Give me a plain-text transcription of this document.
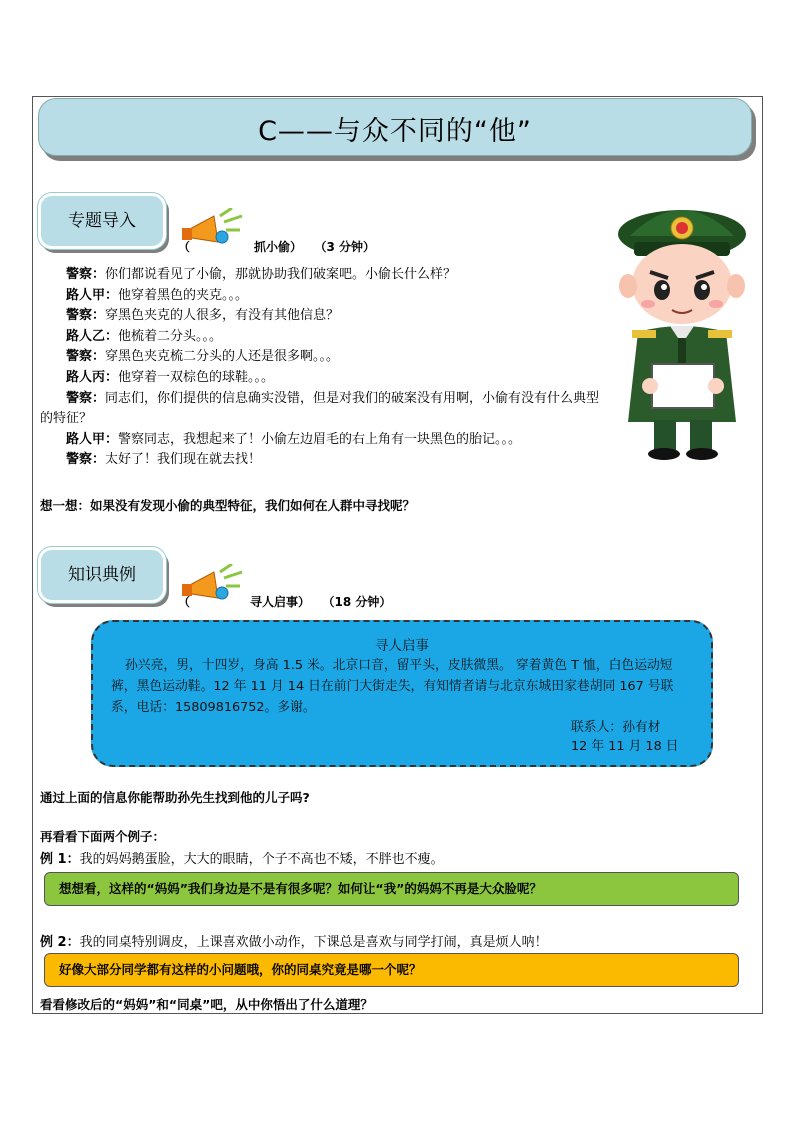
C——与众不同的“他”
专题导入
（	抓小偷）   （3 分钟）

警察：你们都说看见了小偷，那就协助我们破案吧。小偷长什么样？

路人甲：他穿着黑色的夹克。。。

警察：穿黑色夹克的人很多，有没有其他信息？

路人乙：他梳着二分头。。。

警察：穿黑色夹克梳二分头的人还是很多啊。。。

路人丙：他穿着一双棕色的球鞋。。。

警察：同志们，你们提供的信息确实没错，但是对我们的破案没有用啊，小偷有没有什么典型的特征？

路人甲：警察同志，我想起来了！小偷左边眉毛的右上角有一块黑色的胎记。。。

警察：太好了！我们现在就去找！

想一想：如果没有发现小偷的典型特征，我们如何在人群中寻找呢？
知识典例
（	寻人启事）   （18 分钟）
寻人启事
孙兴亮，男，十四岁，身高 1.5 米。北京口音，留平头，皮肤微黑。 穿着黄色 T 恤，白色运动短裤，黑色运动鞋。12 年 11 月 14 日在前门大街走失，有知情者请与北京东城田家巷胡同 167 号联系，电话：15809816752。多谢。
联系人：孙有材
12 年 11 月 18 日
通过上面的信息你能帮助孙先生找到他的儿子吗?
再看看下面两个例子：
例 1：我的妈妈鹅蛋脸，大大的眼睛，个子不高也不矮，不胖也不瘦。
想想看，这样的“妈妈”我们身边是不是有很多呢？如何让“我”的妈妈不再是大众脸呢？
例 2：我的同桌特别调皮，上课喜欢做小动作，下课总是喜欢与同学打闹，真是烦人呐！
好像大部分同学都有这样的小问题哦，你的同桌究竟是哪一个呢？
看看修改后的“妈妈”和“同桌”吧，从中你悟出了什么道理？
